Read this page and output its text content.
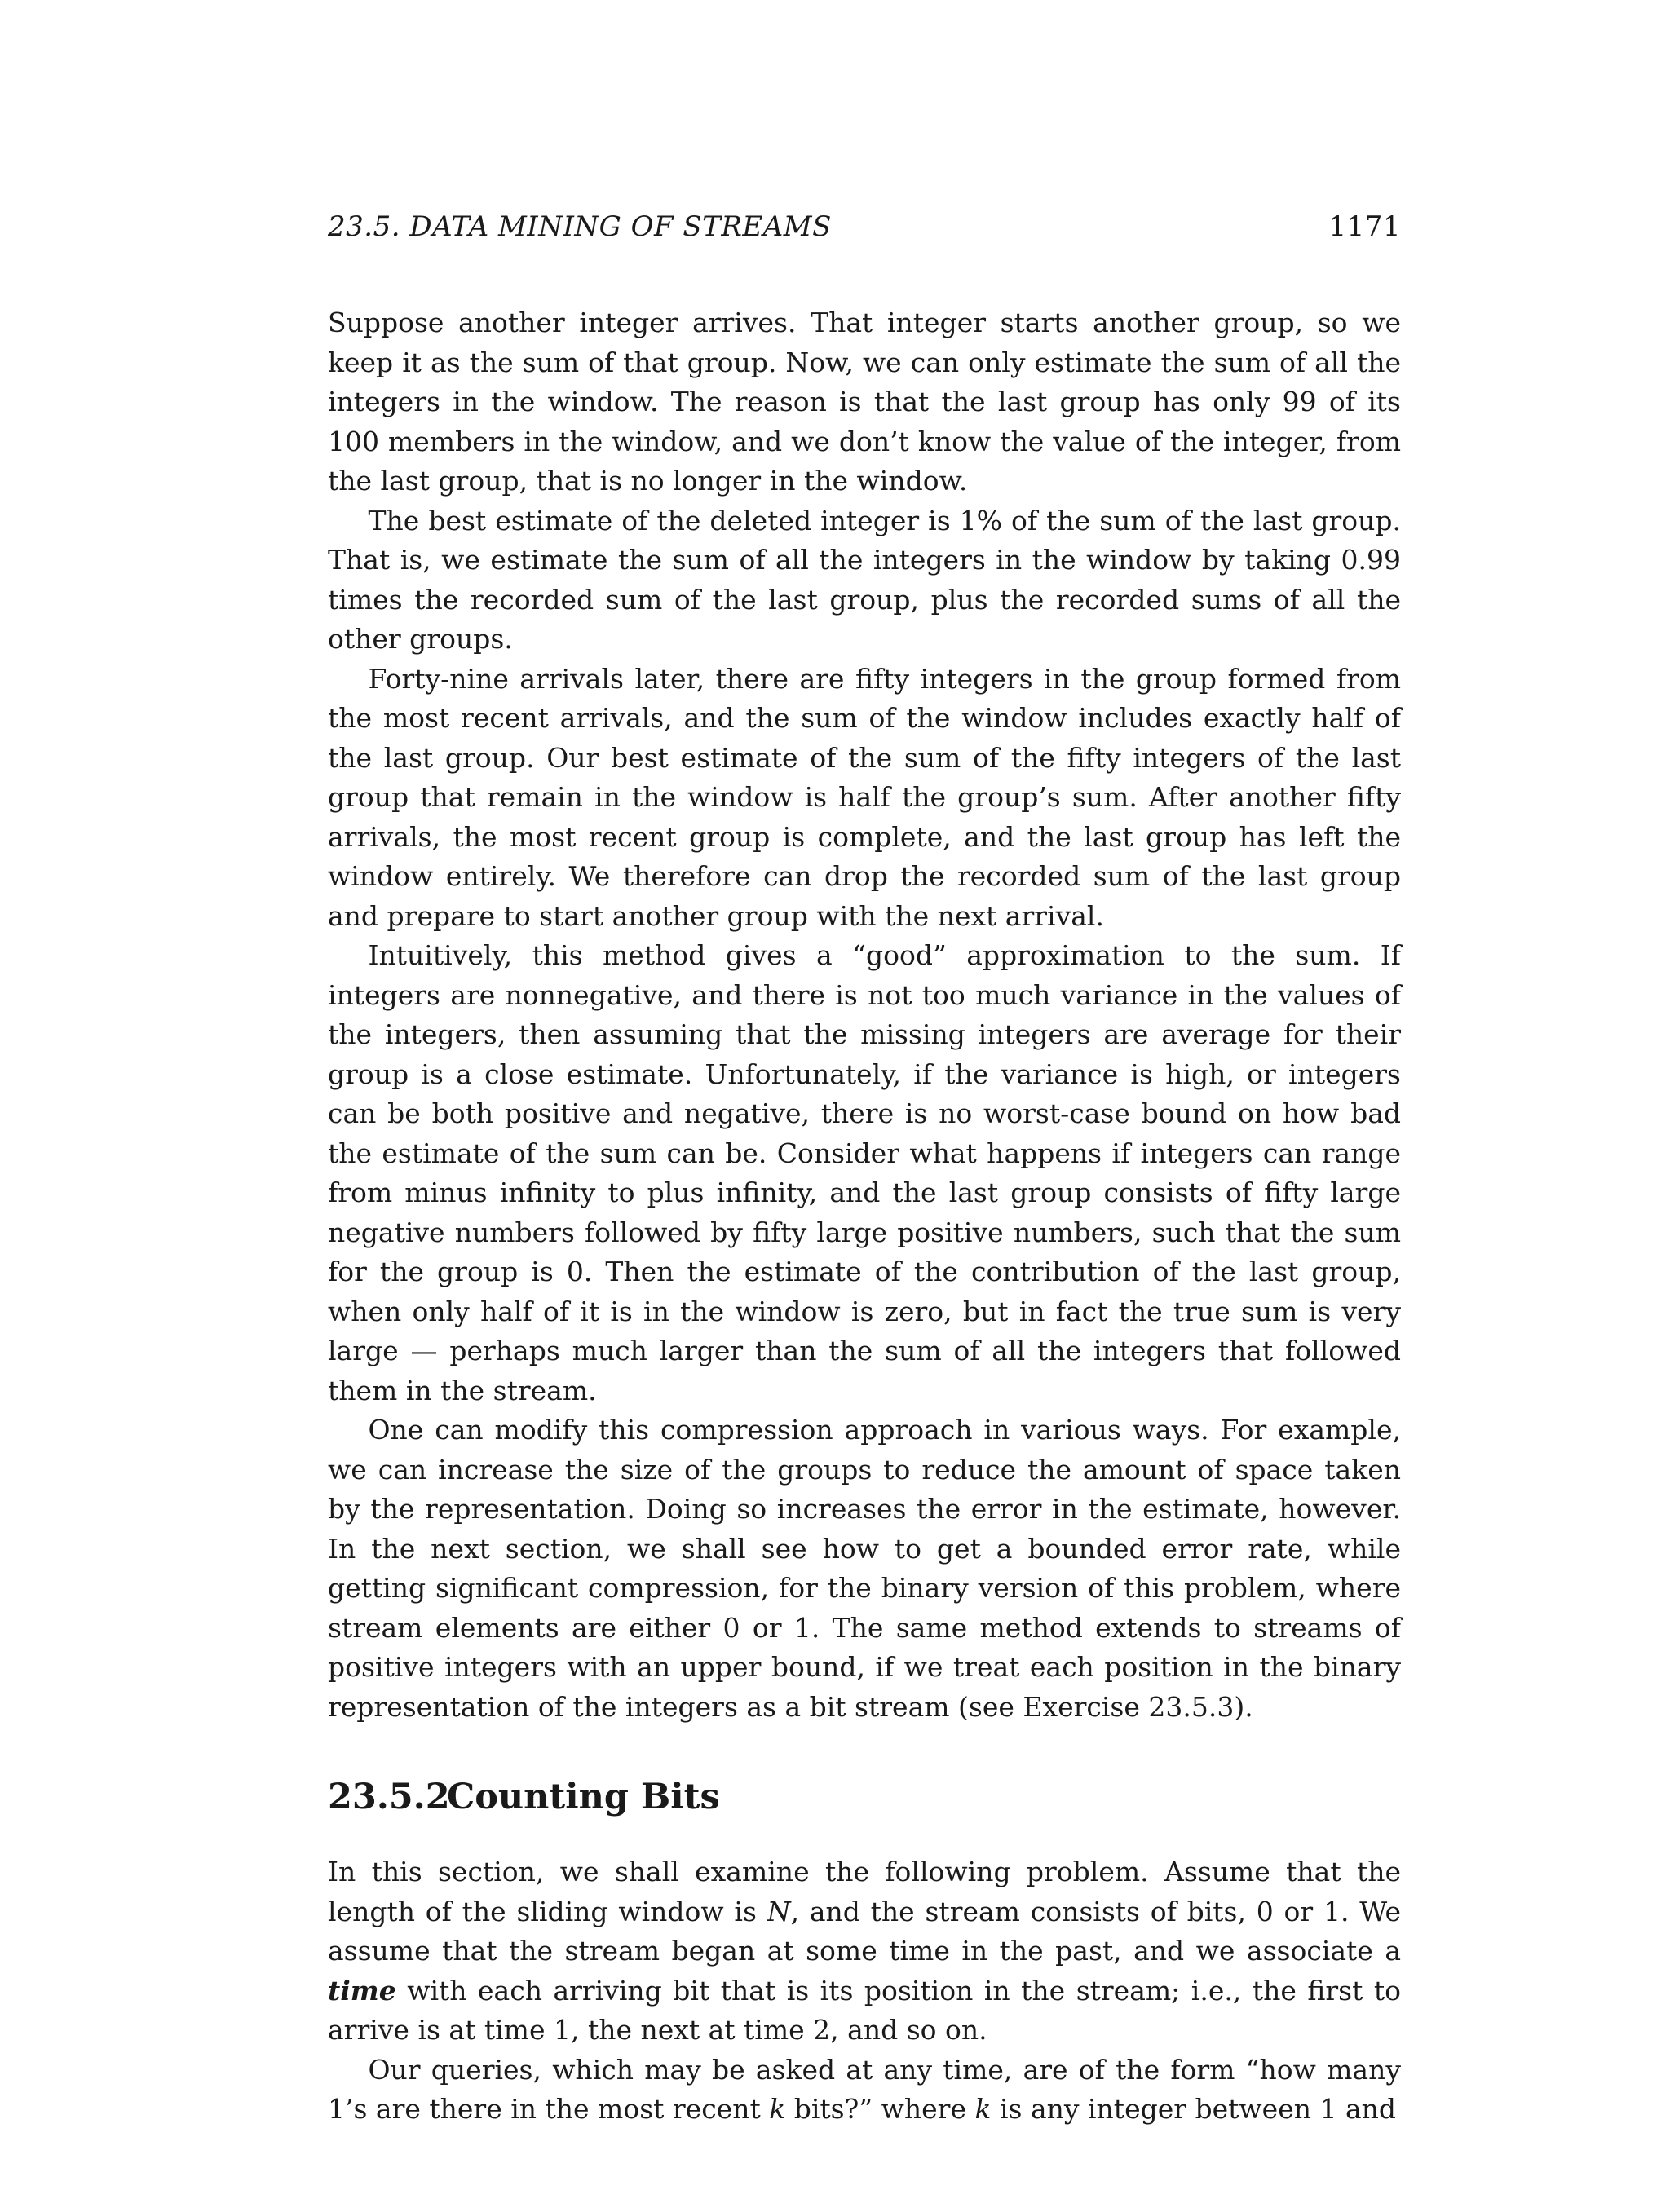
23.5. DATA MINING OF STREAMS	1171

Suppose another integer arrives. That integer starts another group, so we keep it as the sum of that group. Now, we can only estimate the sum of all the integers in the window. The reason is that the last group has only 99 of its 100 members in the window, and we don’t know the value of the integer, from the last group, that is no longer in the window.

The best estimate of the deleted integer is 1% of the sum of the last group. That is, we estimate the sum of all the integers in the window by taking 0.99 times the recorded sum of the last group, plus the recorded sums of all the other groups.

Forty-nine arrivals later, there are fifty integers in the group formed from the most recent arrivals, and the sum of the window includes exactly half of the last group. Our best estimate of the sum of the fifty integers of the last group that remain in the window is half the group’s sum. After another fifty arrivals, the most recent group is complete, and the last group has left the window entirely. We therefore can drop the recorded sum of the last group and prepare to start another group with the next arrival.

Intuitively, this method gives a “good” approximation to the sum. If integers are nonnegative, and there is not too much variance in the values of the integers, then assuming that the missing integers are average for their group is a close estimate. Unfortunately, if the variance is high, or integers can be both positive and negative, there is no worst-case bound on how bad the estimate of the sum can be. Consider what happens if integers can range from minus infinity to plus infinity, and the last group consists of fifty large negative numbers followed by fifty large positive numbers, such that the sum for the group is 0. Then the estimate of the contribution of the last group, when only half of it is in the window is zero, but in fact the true sum is very large — perhaps much larger than the sum of all the integers that followed them in the stream.

One can modify this compression approach in various ways. For example, we can increase the size of the groups to reduce the amount of space taken by the representation. Doing so increases the error in the estimate, however. In the next section, we shall see how to get a bounded error rate, while getting significant compression, for the binary version of this problem, where stream elements are either 0 or 1. The same method extends to streams of positive integers with an upper bound, if we treat each position in the binary representation of the integers as a bit stream (see Exercise 23.5.3).

23.5.2Counting Bits

In this section, we shall examine the following problem. Assume that the length of the sliding window is N, and the stream consists of bits, 0 or 1. We assume that the stream began at some time in the past, and we associate a time with each arriving bit that is its position in the stream; i.e., the first to arrive is at time 1, the next at time 2, and so on.

Our queries, which may be asked at any time, are of the form “how many 1’s are there in the most recent k bits?” where k is any integer between 1 and
